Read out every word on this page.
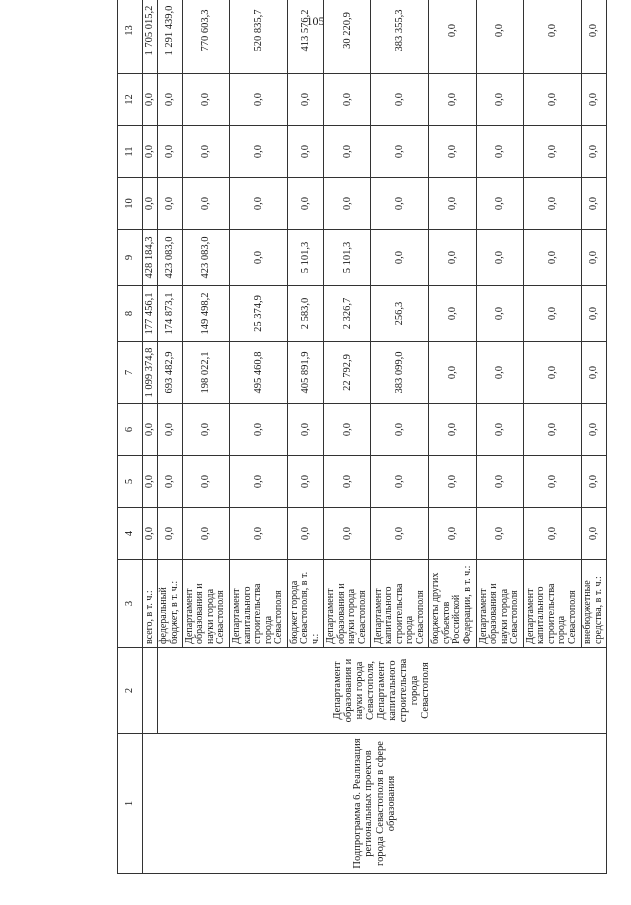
105
1	2	3	4	5	6	7	8	9	10	11	12	13
Подпрограмма 6. Реализация региональных проектов города Севастополя в сфере образования		всего, в т. ч.:	0,0	0,0	0,0	1 099 374,8	177 456,1	428 184,3	0,0	0,0	0,0	1 705 015,2
	Департамент образования и науки города Севастополя, Департамент капитального строительства города Севастополя	федеральный бюджет, в т. ч.:	0,0	0,0	0,0	693 482,9	174 873,1	423 083,0	0,0	0,0	0,0	1 291 439,0
		Департамент образования и науки города Севастополя	0,0	0,0	0,0	198 022,1	149 498,2	423 083,0	0,0	0,0	0,0	770 603,3
		Департамент капитального строительства города Севастополя	0,0	0,0	0,0	495 460,8	25 374,9	0,0	0,0	0,0	0,0	520 835,7
		бюджет города Севастополя, в т. ч.:	0,0	0,0	0,0	405 891,9	2 583,0	5 101,3	0,0	0,0	0,0	413 576,2
		Департамент образования и науки города Севастополя	0,0	0,0	0,0	22 792,9	2 326,7	5 101,3	0,0	0,0	0,0	30 220,9
		Департамент капитального строительства города Севастополя	0,0	0,0	0,0	383 099,0	256,3	0,0	0,0	0,0	0,0	383 355,3
		бюджеты других субъектов Российской Федерации, в т. ч.:	0,0	0,0	0,0	0,0	0,0	0,0	0,0	0,0	0,0	0,0
		Департамент образования и науки города Севастополя	0,0	0,0	0,0	0,0	0,0	0,0	0,0	0,0	0,0	0,0
		Департамент капитального строительства города Севастополя	0,0	0,0	0,0	0,0	0,0	0,0	0,0	0,0	0,0	0,0
		внебюджетные средства, в т. ч.:	0,0	0,0	0,0	0,0	0,0	0,0	0,0	0,0	0,0	0,0
